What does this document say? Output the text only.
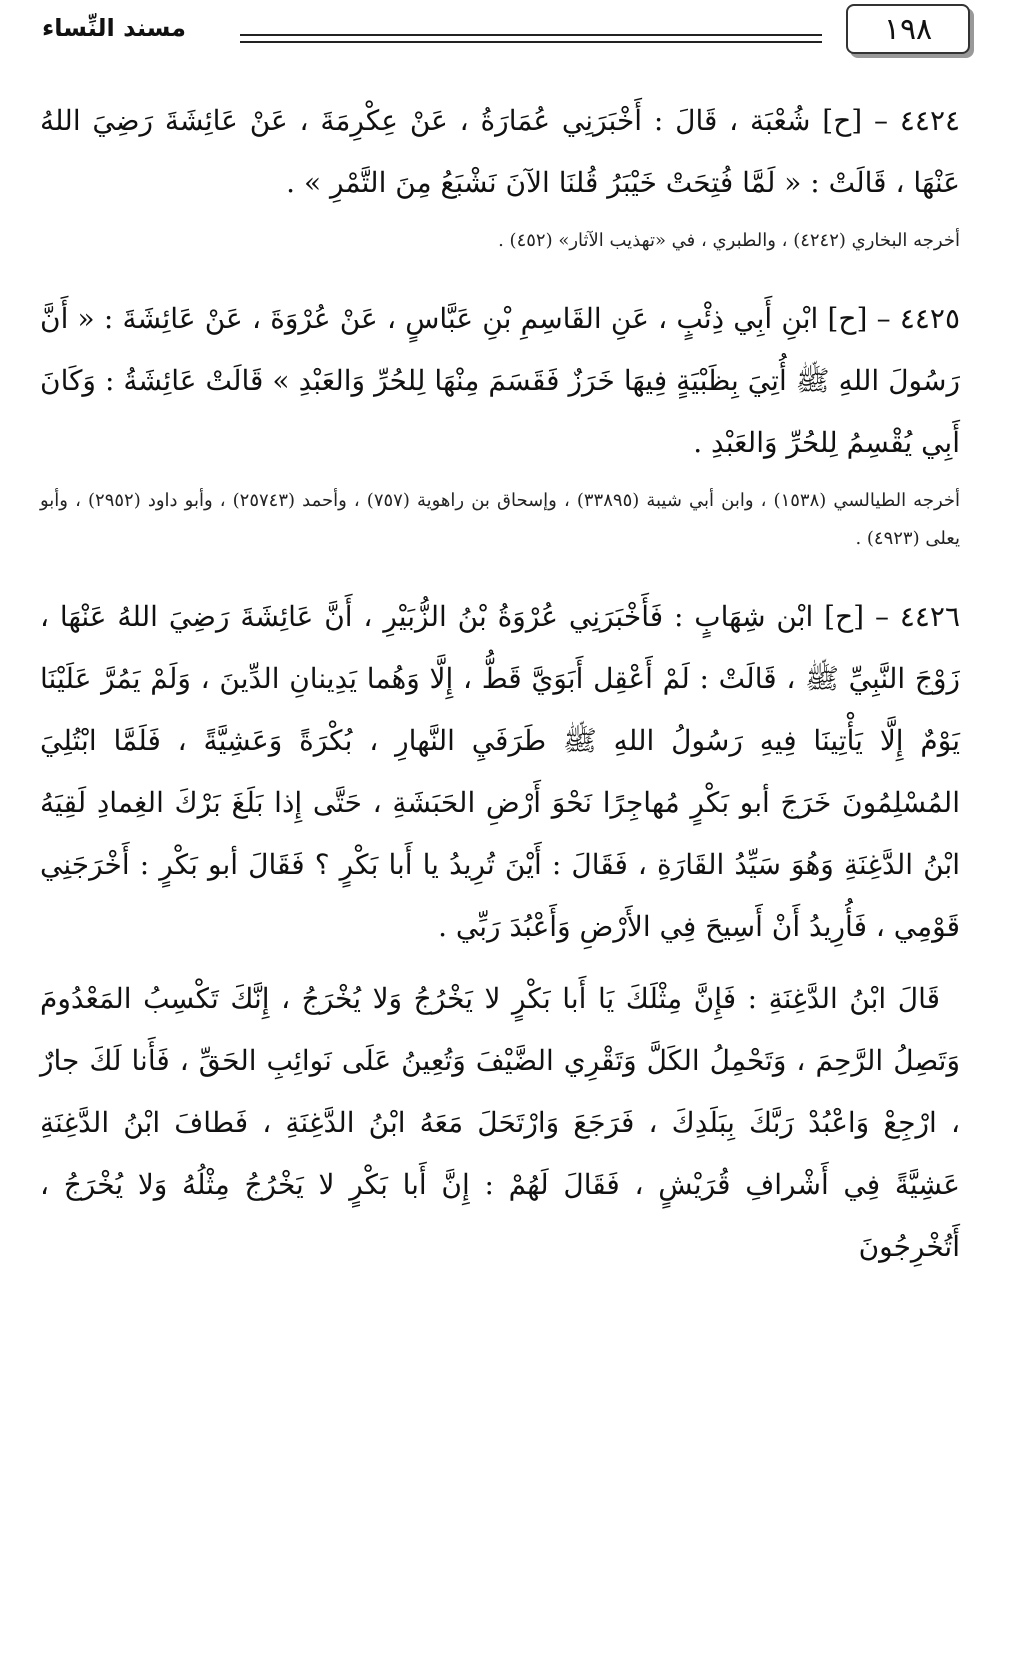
١٩٨
مسند النِّساء

٤٤٢٤ – [ح] شُعْبَة ، قَالَ : أَخْبَرَنِي عُمَارَةُ ، عَنْ عِكْرِمَةَ ، عَنْ عَائِشَةَ رَضِيَ اللهُ عَنْهَا ، قَالَتْ : « لَمَّا فُتِحَتْ خَيْبَرُ قُلنَا الآنَ نَشْبَعُ مِنَ التَّمْرِ » .

أخرجه البخاري (٤٢٤٢) ، والطبري ، في «تهذيب الآثار» (٤٥٢) .

٤٤٢٥ – [ح] ابْنِ أَبِي ذِئْبٍ ، عَنِ القَاسِمِ بْنِ عَبَّاسٍ ، عَنْ عُرْوَةَ ، عَنْ عَائِشَةَ : « أَنَّ رَسُولَ اللهِ ﷺ أُتِيَ بِظَبْيَةٍ فِيهَا خَرَزٌ فَقَسَمَ مِنْهَا لِلحُرِّ وَالعَبْدِ » قَالَتْ عَائِشَةُ : وَكَانَ أَبِي يُقْسِمُ لِلحُرِّ وَالعَبْدِ .

أخرجه الطيالسي (١٥٣٨) ، وابن أبي شيبة (٣٣٨٩٥) ، وإسحاق بن راهوية (٧٥٧) ، وأحمد (٢٥٧٤٣) ، وأبو داود (٢٩٥٢) ، وأبو يعلى (٤٩٢٣) .

٤٤٢٦ – [ح] ابْن شِهَابٍ : فَأَخْبَرَنِي عُرْوَةُ بْنُ الزُّبَيْرِ ، أَنَّ عَائِشَةَ رَضِيَ اللهُ عَنْهَا ، زَوْجَ النَّبِيِّ ﷺ ، قَالَتْ : لَمْ أَعْقِل أَبَوَيَّ قَطُّ ، إِلَّا وَهُما يَدِينانِ الدِّينَ ، وَلَمْ يَمُرَّ عَلَيْنَا يَوْمٌ إِلَّا يَأْتِينَا فِيهِ رَسُولُ اللهِ ﷺ طَرَفَيِ النَّهارِ ، بُكْرَةً وَعَشِيَّةً ، فَلَمَّا ابْتُلِيَ المُسْلِمُونَ خَرَجَ أبو بَكْرٍ مُهاجِرًا نَحْوَ أَرْضِ الحَبَشَةِ ، حَتَّى إِذا بَلَغَ بَرْكَ الغِمادِ لَقِيَهُ ابْنُ الدَّغِنَةِ وَهُوَ سَيِّدُ القَارَةِ ، فَقَالَ : أَيْنَ تُرِيدُ يا أَبا بَكْرٍ ؟ فَقَالَ أبو بَكْرٍ : أَخْرَجَنِي قَوْمِي ، فَأُرِيدُ أَنْ أَسِيحَ فِي الأَرْضِ وَأَعْبُدَ رَبِّي .

قَالَ ابْنُ الدَّغِنَةِ : فَإِنَّ مِثْلَكَ يَا أَبا بَكْرٍ لا يَخْرُجُ وَلا يُخْرَجُ ، إِنَّكَ تَكْسِبُ المَعْدُومَ وَتَصِلُ الرَّحِمَ ، وَتَحْمِلُ الكَلَّ وَتَقْرِي الضَّيْفَ وَتُعِينُ عَلَى نَوائِبِ الحَقِّ ، فَأَنا لَكَ جارٌ ، ارْجِعْ وَاعْبُدْ رَبَّكَ بِبَلَدِكَ ، فَرَجَعَ وَارْتَحَلَ مَعَهُ ابْنُ الدَّغِنَةِ ، فَطافَ ابْنُ الدَّغِنَةِ عَشِيَّةً فِي أَشْرافِ قُرَيْشٍ ، فَقَالَ لَهُمْ : إِنَّ أَبا بَكْرٍ لا يَخْرُجُ مِثْلُهُ وَلا يُخْرَجُ ، أَتُخْرِجُونَ
